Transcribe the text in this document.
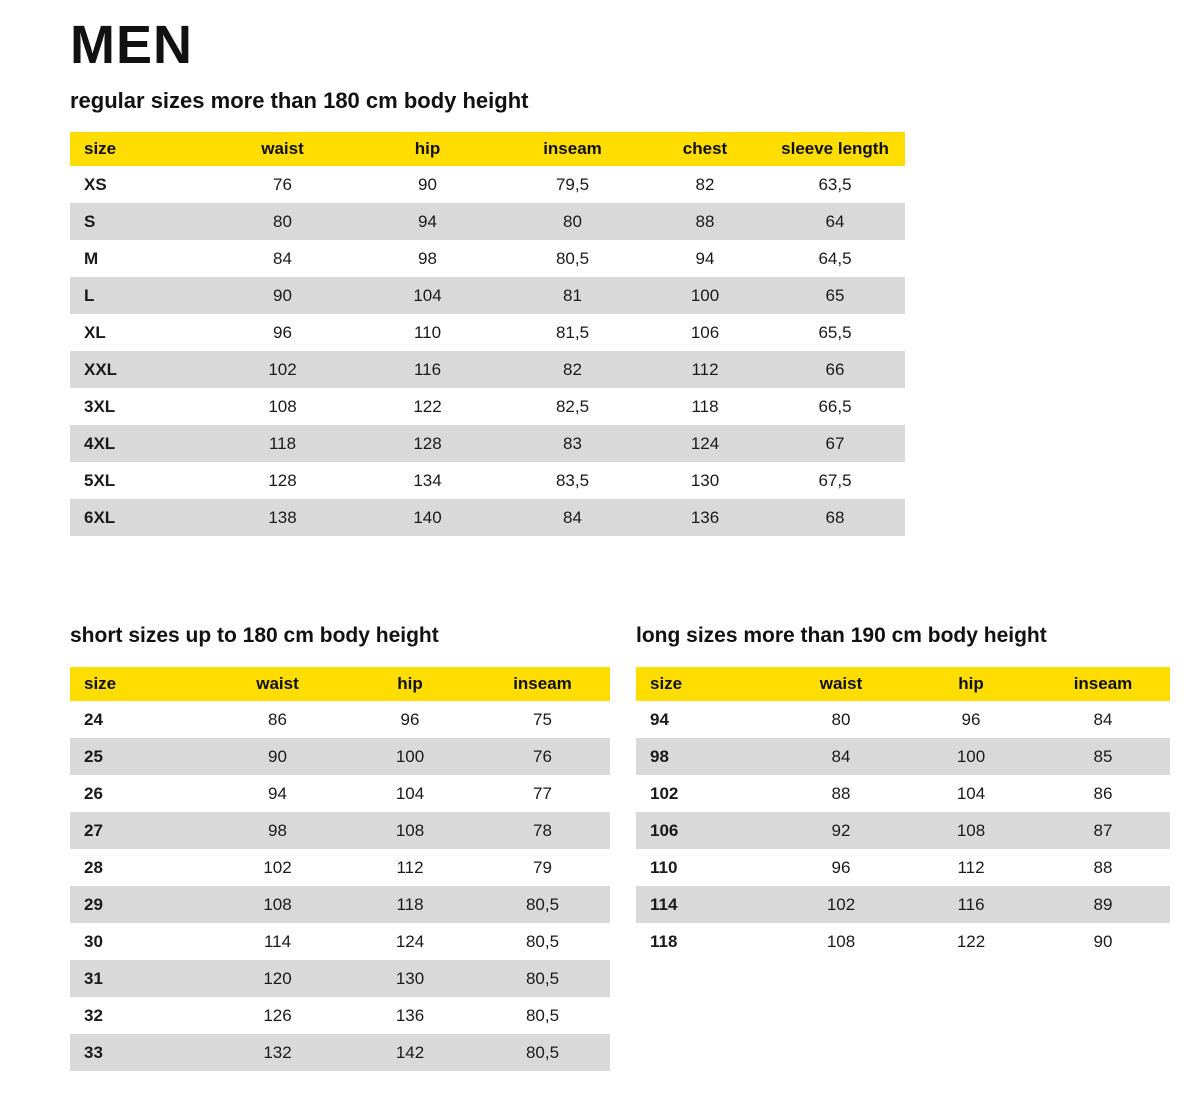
MEN
regular sizes more than 180 cm body height
size	waist	hip	inseam	chest	sleeve length
XS	76	90	79,5	82	63,5
S	80	94	80	88	64
M	84	98	80,5	94	64,5
L	90	104	81	100	65
XL	96	110	81,5	106	65,5
XXL	102	116	82	112	66
3XL	108	122	82,5	118	66,5
4XL	118	128	83	124	67
5XL	128	134	83,5	130	67,5
6XL	138	140	84	136	68
short sizes up to 180 cm body height
size	waist	hip	inseam
24	86	96	75
25	90	100	76
26	94	104	77
27	98	108	78
28	102	112	79
29	108	118	80,5
30	114	124	80,5
31	120	130	80,5
32	126	136	80,5
33	132	142	80,5
long sizes more than 190 cm body height
size	waist	hip	inseam
94	80	96	84
98	84	100	85
102	88	104	86
106	92	108	87
110	96	112	88
114	102	116	89
118	108	122	90
